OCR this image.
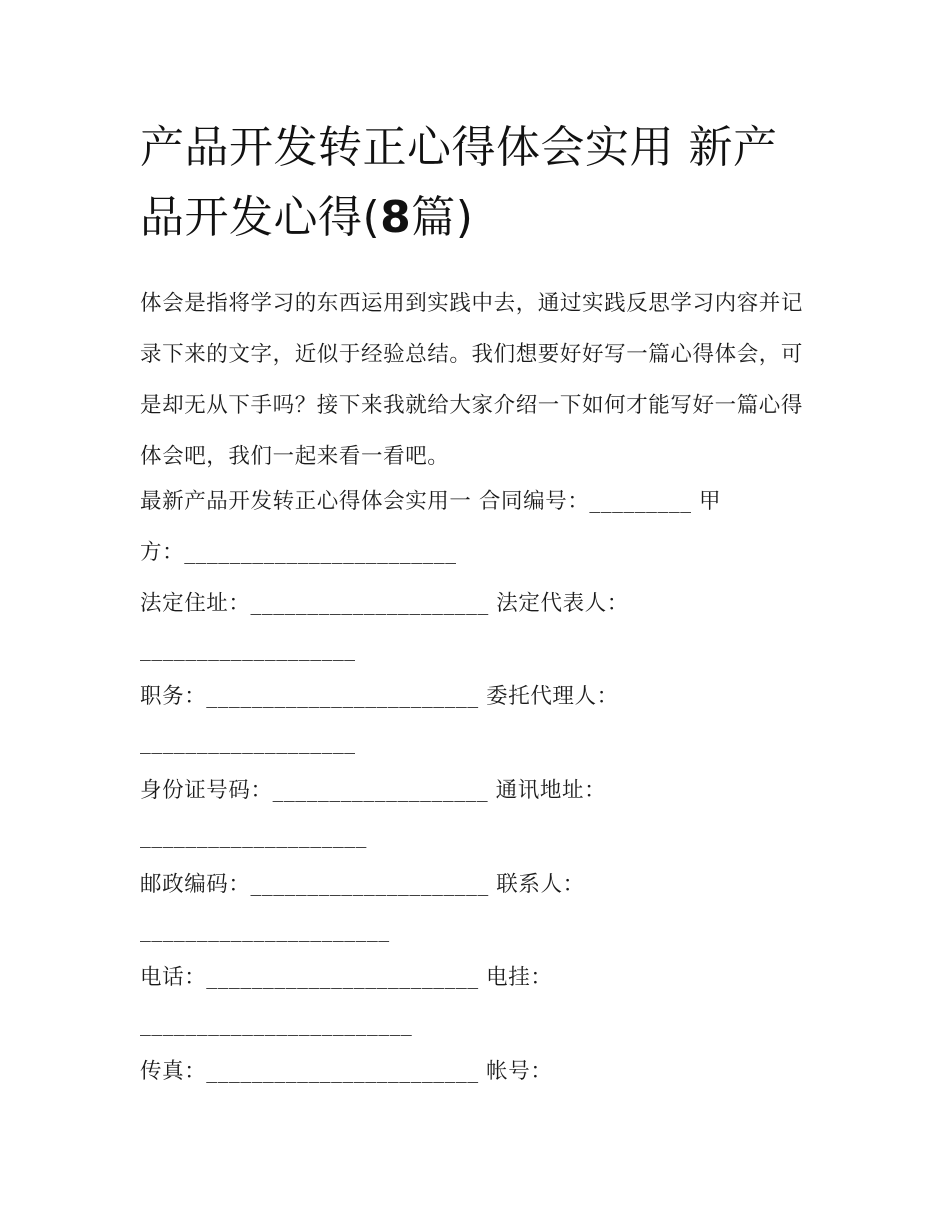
产品开发转正心得体会实用 新产品开发心得(8篇)

体会是指将学习的东西运用到实践中去，通过实践反思学习内容并记录下来的文字，近似于经验总结。我们想要好好写一篇心得体会，可是却无从下手吗？接下来我就给大家介绍一下如何才能写好一篇心得体会吧，我们一起来看一看吧。

最新产品开发转正心得体会实用一 合同编号：_________ 甲

方：________________________

法定住址：_____________________ 法定代表人：

___________________

职务：________________________ 委托代理人：

___________________

身份证号码：___________________ 通讯地址：

____________________

邮政编码：_____________________ 联系人：

______________________

电话：________________________ 电挂：

________________________

传真：________________________ 帐号：
